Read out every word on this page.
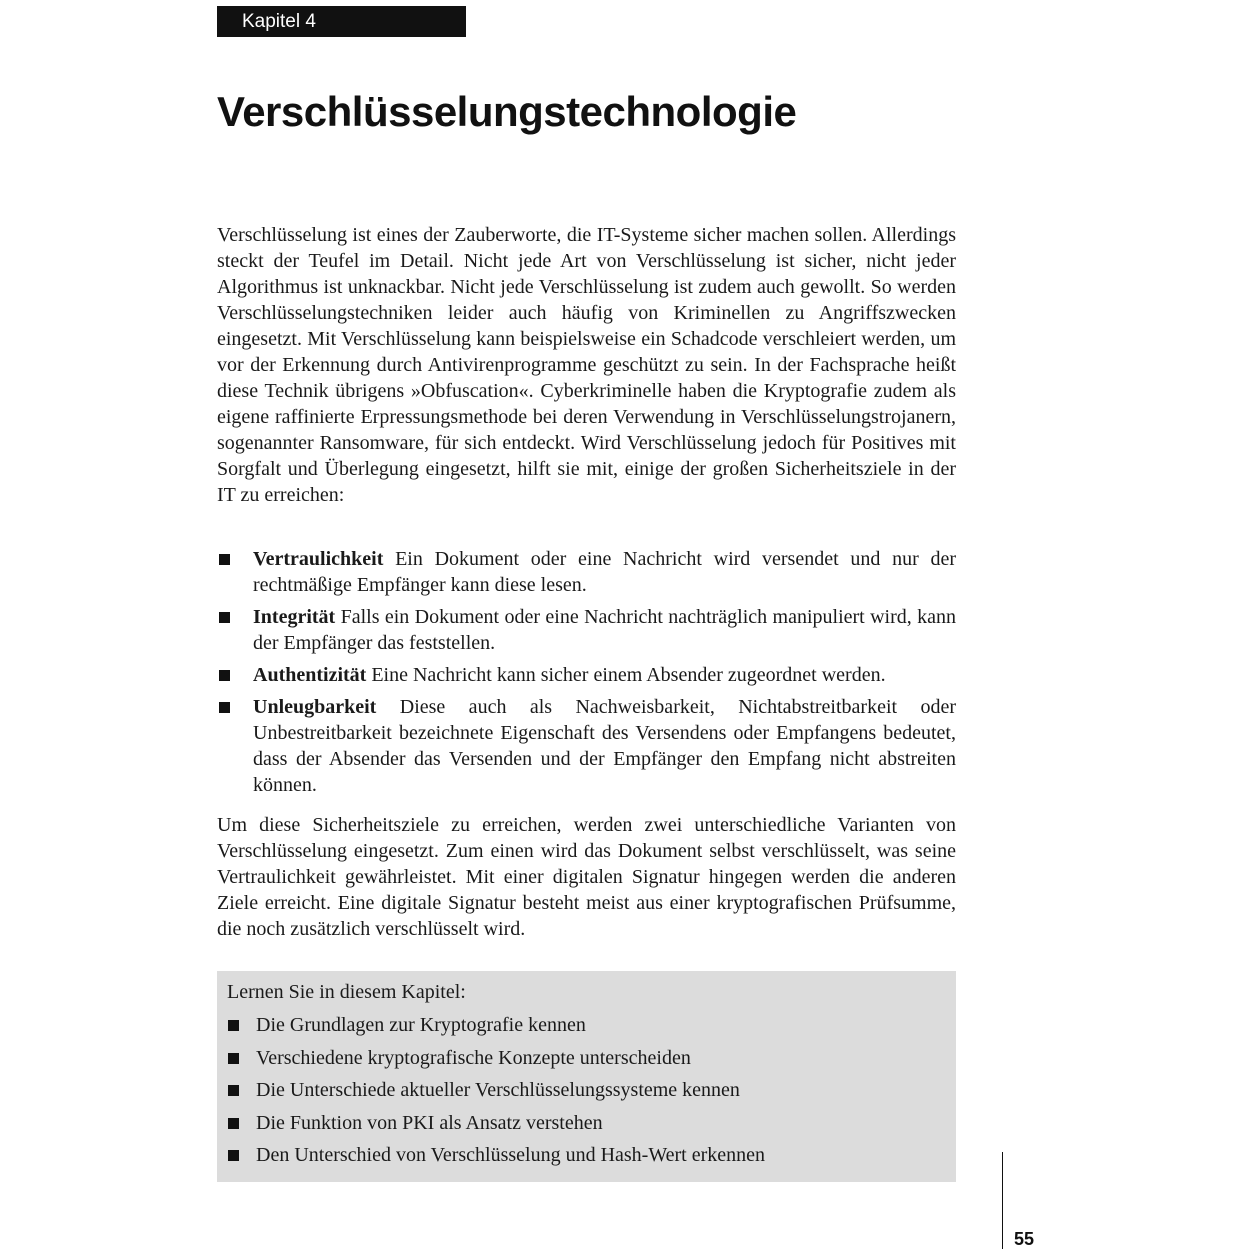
Kapitel 4
Verschlüsselungstechnologie

Verschlüsselung ist eines der Zauberworte, die IT-Systeme sicher machen sollen. Allerdings steckt der Teufel im Detail. Nicht jede Art von Verschlüsselung ist sicher, nicht jeder Algorithmus ist unknackbar. Nicht jede Verschlüsselung ist zudem auch gewollt. So werden Verschlüsselungstechniken leider auch häufig von Kriminellen zu Angriffszwecken eingesetzt. Mit Verschlüsselung kann beispielsweise ein Schadcode verschleiert werden, um vor der Erkennung durch Antivirenprogramme geschützt zu sein. In der Fachsprache heißt diese Technik übrigens »Obfuscation«. Cyberkriminelle haben die Kryptografie zudem als eigene raffinierte Erpressungsmethode bei deren Verwendung in Verschlüsselungstrojanern, sogenannter Ransomware, für sich entdeckt. Wird Verschlüsselung jedoch für Positives mit Sorgfalt und Überlegung eingesetzt, hilft sie mit, einige der großen Sicherheitsziele in der IT zu erreichen:

Vertraulichkeit Ein Dokument oder eine Nachricht wird versendet und nur der rechtmäßige Empfänger kann diese lesen.
Integrität Falls ein Dokument oder eine Nachricht nachträglich manipuliert wird, kann der Empfänger das feststellen.
Authentizität Eine Nachricht kann sicher einem Absender zugeordnet werden.
Unleugbarkeit Diese auch als Nachweisbarkeit, Nichtabstreitbarkeit oder Unbestreitbarkeit bezeichnete Eigenschaft des Versendens oder Empfangens bedeutet, dass der Absender das Versenden und der Empfänger den Empfang nicht abstreiten können.

Um diese Sicherheitsziele zu erreichen, werden zwei unterschiedliche Varianten von Verschlüsselung eingesetzt. Zum einen wird das Dokument selbst verschlüsselt, was seine Vertraulichkeit gewährleistet. Mit einer digitalen Signatur hingegen werden die anderen Ziele erreicht. Eine digitale Signatur besteht meist aus einer kryptografischen Prüfsumme, die noch zusätzlich verschlüsselt wird.

Lernen Sie in diesem Kapitel:

Die Grundlagen zur Kryptografie kennen
Verschiedene kryptografische Konzepte unterscheiden
Die Unterschiede aktueller Verschlüsselungssysteme kennen
Die Funktion von PKI als Ansatz verstehen
Den Unterschied von Verschlüsselung und Hash-Wert erkennen
55
